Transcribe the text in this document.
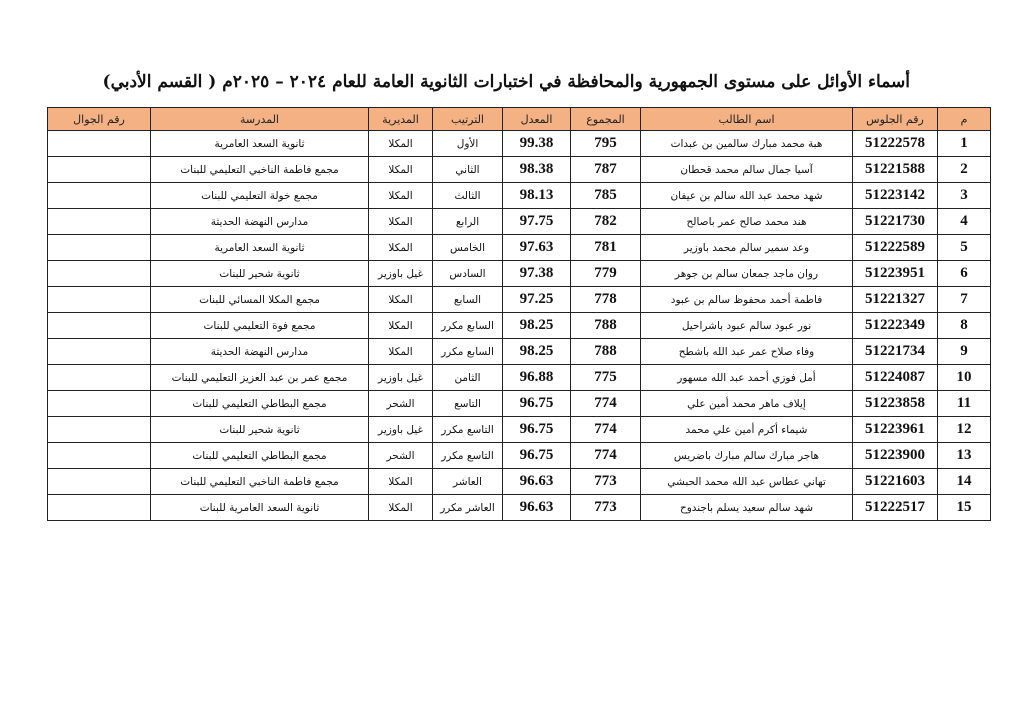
أسماء الأوائل على مستوى الجمهورية والمحافظة في اختبارات الثانوية العامة للعام ٢٠٢٤ – ٢٠٢٥م ( القسم الأدبي)
م	رقم الجلوس	اسم الطالب	المجموع	المعدل	الترتيب	المديرية	المدرسة	رقم الجوال
1	51222578	هبة محمد مبارك سالمين بن عبدات	795	99.38	الأول	المكلا	ثانوية السعد العامرية	
2	51221588	آسيا جمال سالم محمد قحطان	787	98.38	الثاني	المكلا	مجمع فاطمة الناخبي التعليمي للبنات	
3	51223142	شهد محمد عبد الله سالم بن عيفان	785	98.13	الثالث	المكلا	مجمع خولة التعليمي للبنات	
4	51221730	هند محمد صالح عمر باصالح	782	97.75	الرابع	المكلا	مدارس النهضة الحديثة	
5	51222589	وعد سمير سالم محمد باوزير	781	97.63	الخامس	المكلا	ثانوية السعد العامرية	
6	51223951	روان ماجد جمعان سالم بن جوهر	779	97.38	السادس	غيل باوزير	ثانوية شحير للبنات	
7	51221327	فاطمة أحمد محفوظ سالم بن عبود	778	97.25	السابع	المكلا	مجمع المكلا المسائي للبنات	
8	51222349	نور عبود سالم عبود باشراحيل	788	98.25	السابع مكرر	المكلا	مجمع فوة التعليمي للبنات	
9	51221734	وفاء صلاح عمر عبد الله باشطح	788	98.25	السابع مكرر	المكلا	مدارس النهضة الحديثة	
10	51224087	أمل فوزي أحمد عبد الله مسهور	775	96.88	الثامن	غيل باوزير	مجمع عمر بن عبد العزيز التعليمي للبنات	
11	51223858	إيلاف ماهر محمد أمين علي	774	96.75	التاسع	الشحر	مجمع البطاطي التعليمي للبنات	
12	51223961	شيماء أكرم أمين علي محمد	774	96.75	التاسع مكرر	غيل باوزير	ثانوية شحير للبنات	
13	51223900	هاجر مبارك سالم مبارك باضريس	774	96.75	التاسع مكرر	الشحر	مجمع البطاطي التعليمي للبنات	
14	51221603	تهاني عطاس عبد الله محمد الحبشي	773	96.63	العاشر	المكلا	مجمع فاطمة الناخبي التعليمي للبنات	
15	51222517	شهد سالم سعيد يسلم باجندوح	773	96.63	العاشر مكرر	المكلا	ثانوية السعد العامرية للبنات	
